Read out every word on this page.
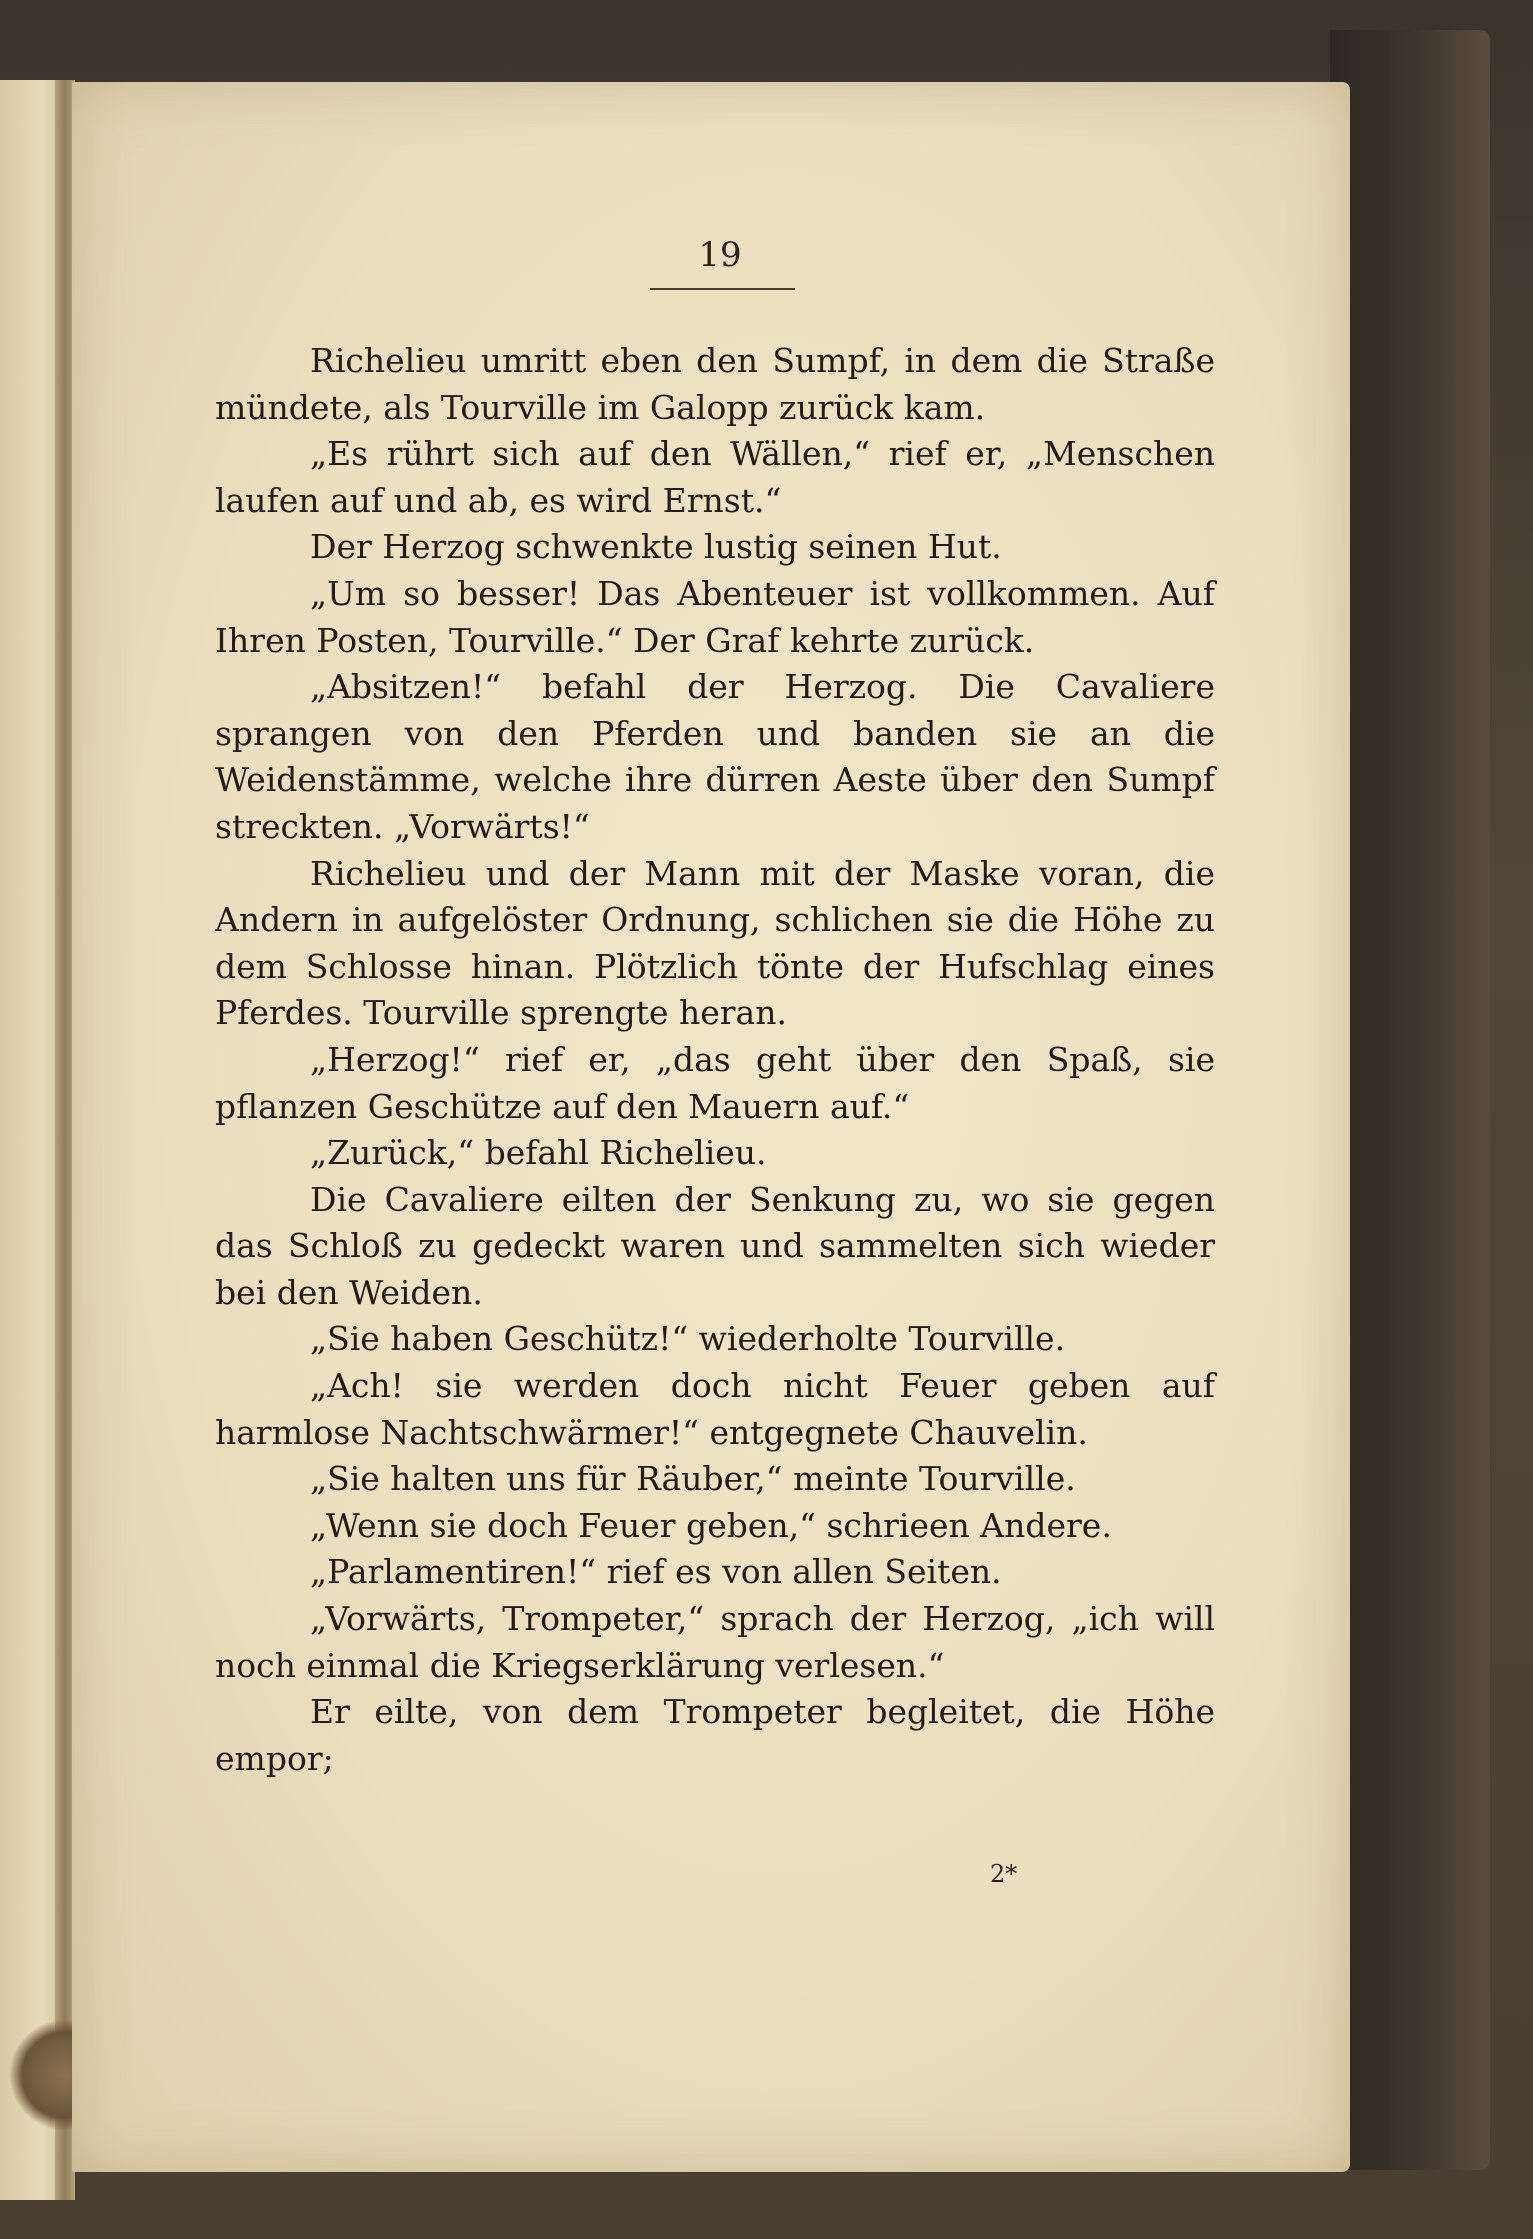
19

Richelieu umritt eben den Sumpf, in dem die Straße mündete, als Tourville im Galopp zurück kam.

„Es rührt sich auf den Wällen,“ rief er, „Menschen laufen auf und ab, es wird Ernst.“

Der Herzog schwenkte lustig seinen Hut.

„Um so besser! Das Abenteuer ist vollkommen. Auf Ihren Posten, Tourville.“ Der Graf kehrte zurück.

„Absitzen!“ befahl der Herzog. Die Cavaliere sprangen von den Pferden und banden sie an die Weidenstämme, welche ihre dürren Aeste über den Sumpf streckten. „Vorwärts!“

Richelieu und der Mann mit der Maske voran, die Andern in aufgelöster Ordnung, schlichen sie die Höhe zu dem Schlosse hinan. Plötzlich tönte der Hufschlag eines Pferdes. Tourville sprengte heran.

„Herzog!“ rief er, „das geht über den Spaß, sie pflanzen Geschütze auf den Mauern auf.“

„Zurück,“ befahl Richelieu.

Die Cavaliere eilten der Senkung zu, wo sie gegen das Schloß zu gedeckt waren und sammelten sich wieder bei den Weiden.

„Sie haben Geschütz!“ wiederholte Tourville.

„Ach! sie werden doch nicht Feuer geben auf harmlose Nachtschwärmer!“ entgegnete Chauvelin.

„Sie halten uns für Räuber,“ meinte Tourville.

„Wenn sie doch Feuer geben,“ schrieen Andere.

„Parlamentiren!“ rief es von allen Seiten.

„Vorwärts, Trompeter,“ sprach der Herzog, „ich will noch einmal die Kriegserklärung verlesen.“

Er eilte, von dem Trompeter begleitet, die Höhe empor;

2*
